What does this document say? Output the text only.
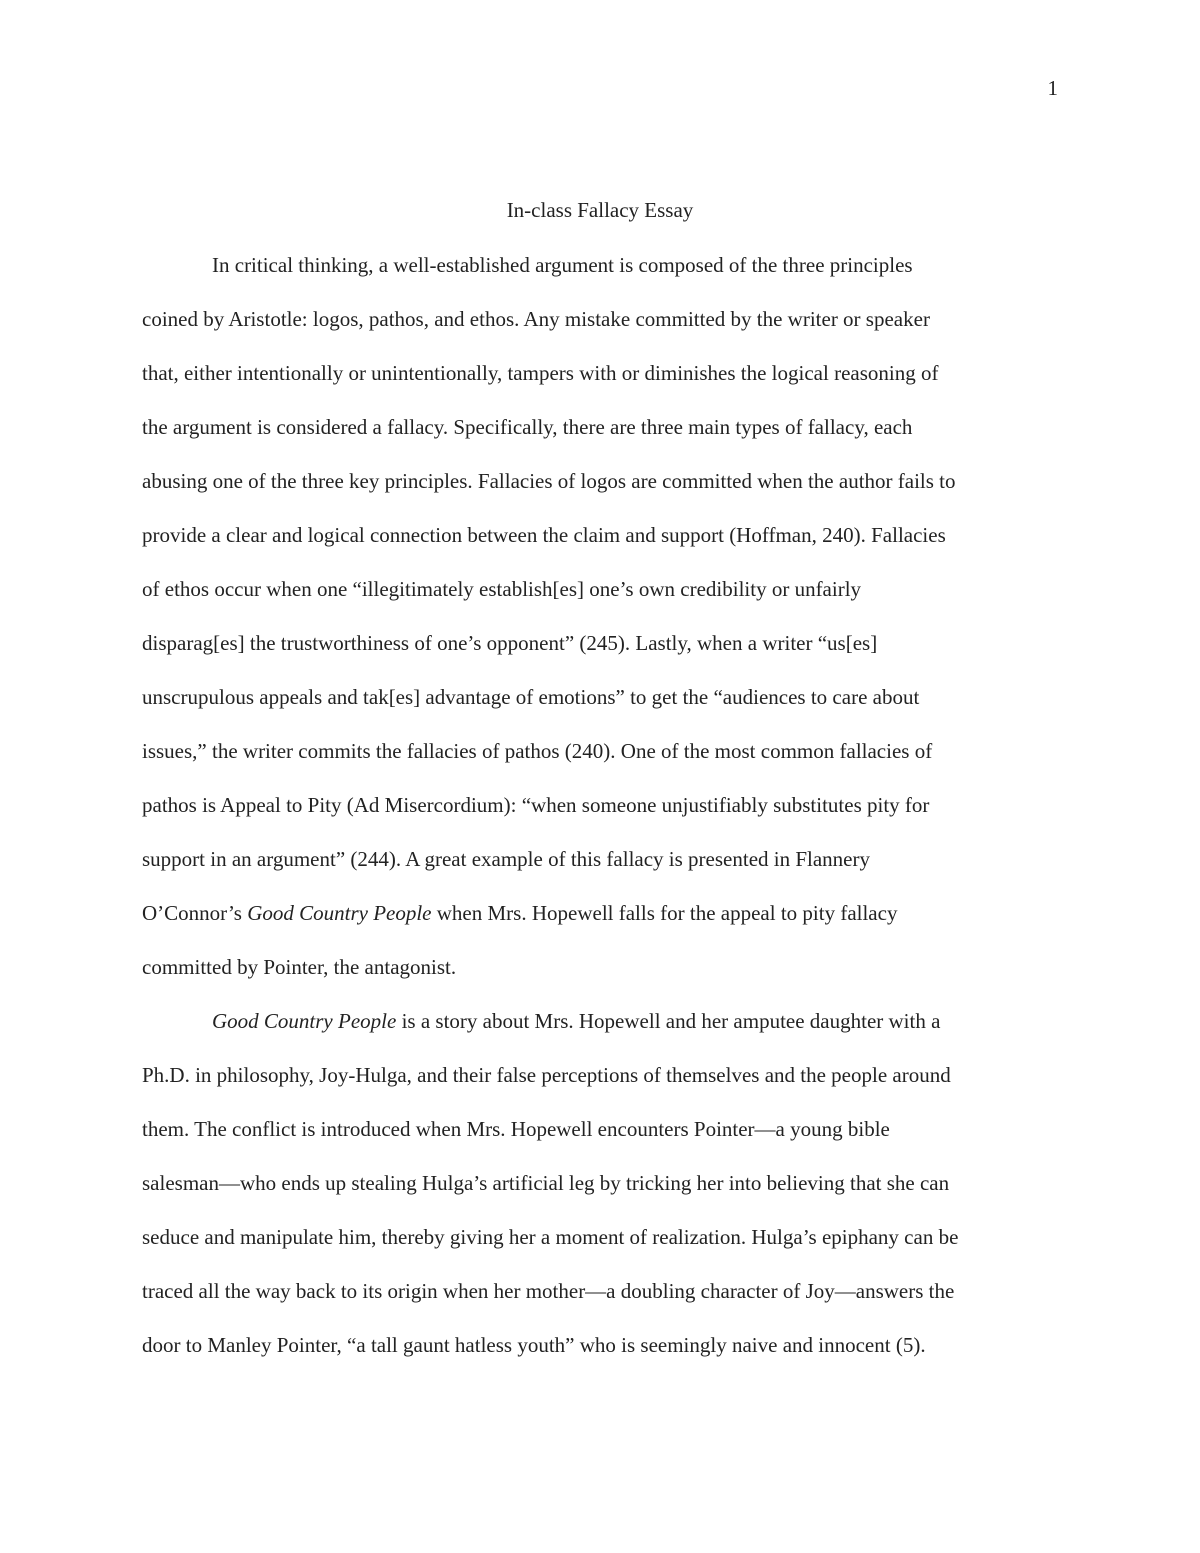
1
In-class Fallacy Essay
In critical thinking, a well-established argument is composed of the three principles
coined by Aristotle: logos, pathos, and ethos. Any mistake committed by the writer or speaker
that, either intentionally or unintentionally, tampers with or diminishes the logical reasoning of
the argument is considered a fallacy. Specifically, there are three main types of fallacy, each
abusing one of the three key principles. Fallacies of logos are committed when the author fails to
provide a clear and logical connection between the claim and support (Hoffman, 240). Fallacies
of ethos occur when one “illegitimately establish[es] one’s own credibility or unfairly
disparag[es] the trustworthiness of one’s opponent” (245). Lastly, when a writer “us[es]
unscrupulous appeals and tak[es] advantage of emotions” to get the “audiences to care about
issues,” the writer commits the fallacies of pathos (240). One of the most common fallacies of
pathos is Appeal to Pity (Ad Misercordium): “when someone unjustifiably substitutes pity for
support in an argument” (244). A great example of this fallacy is presented in Flannery
O’Connor’s Good Country People when Mrs. Hopewell falls for the appeal to pity fallacy
committed by Pointer, the antagonist.
Good Country People is a story about Mrs. Hopewell and her amputee daughter with a
Ph.D. in philosophy, Joy-Hulga, and their false perceptions of themselves and the people around
them. The conflict is introduced when Mrs. Hopewell encounters Pointer—a young bible
salesman—who ends up stealing Hulga’s artificial leg by tricking her into believing that she can
seduce and manipulate him, thereby giving her a moment of realization. Hulga’s epiphany can be
traced all the way back to its origin when her mother—a doubling character of Joy—answers the
door to Manley Pointer, “a tall gaunt hatless youth” who is seemingly naive and innocent (5).
